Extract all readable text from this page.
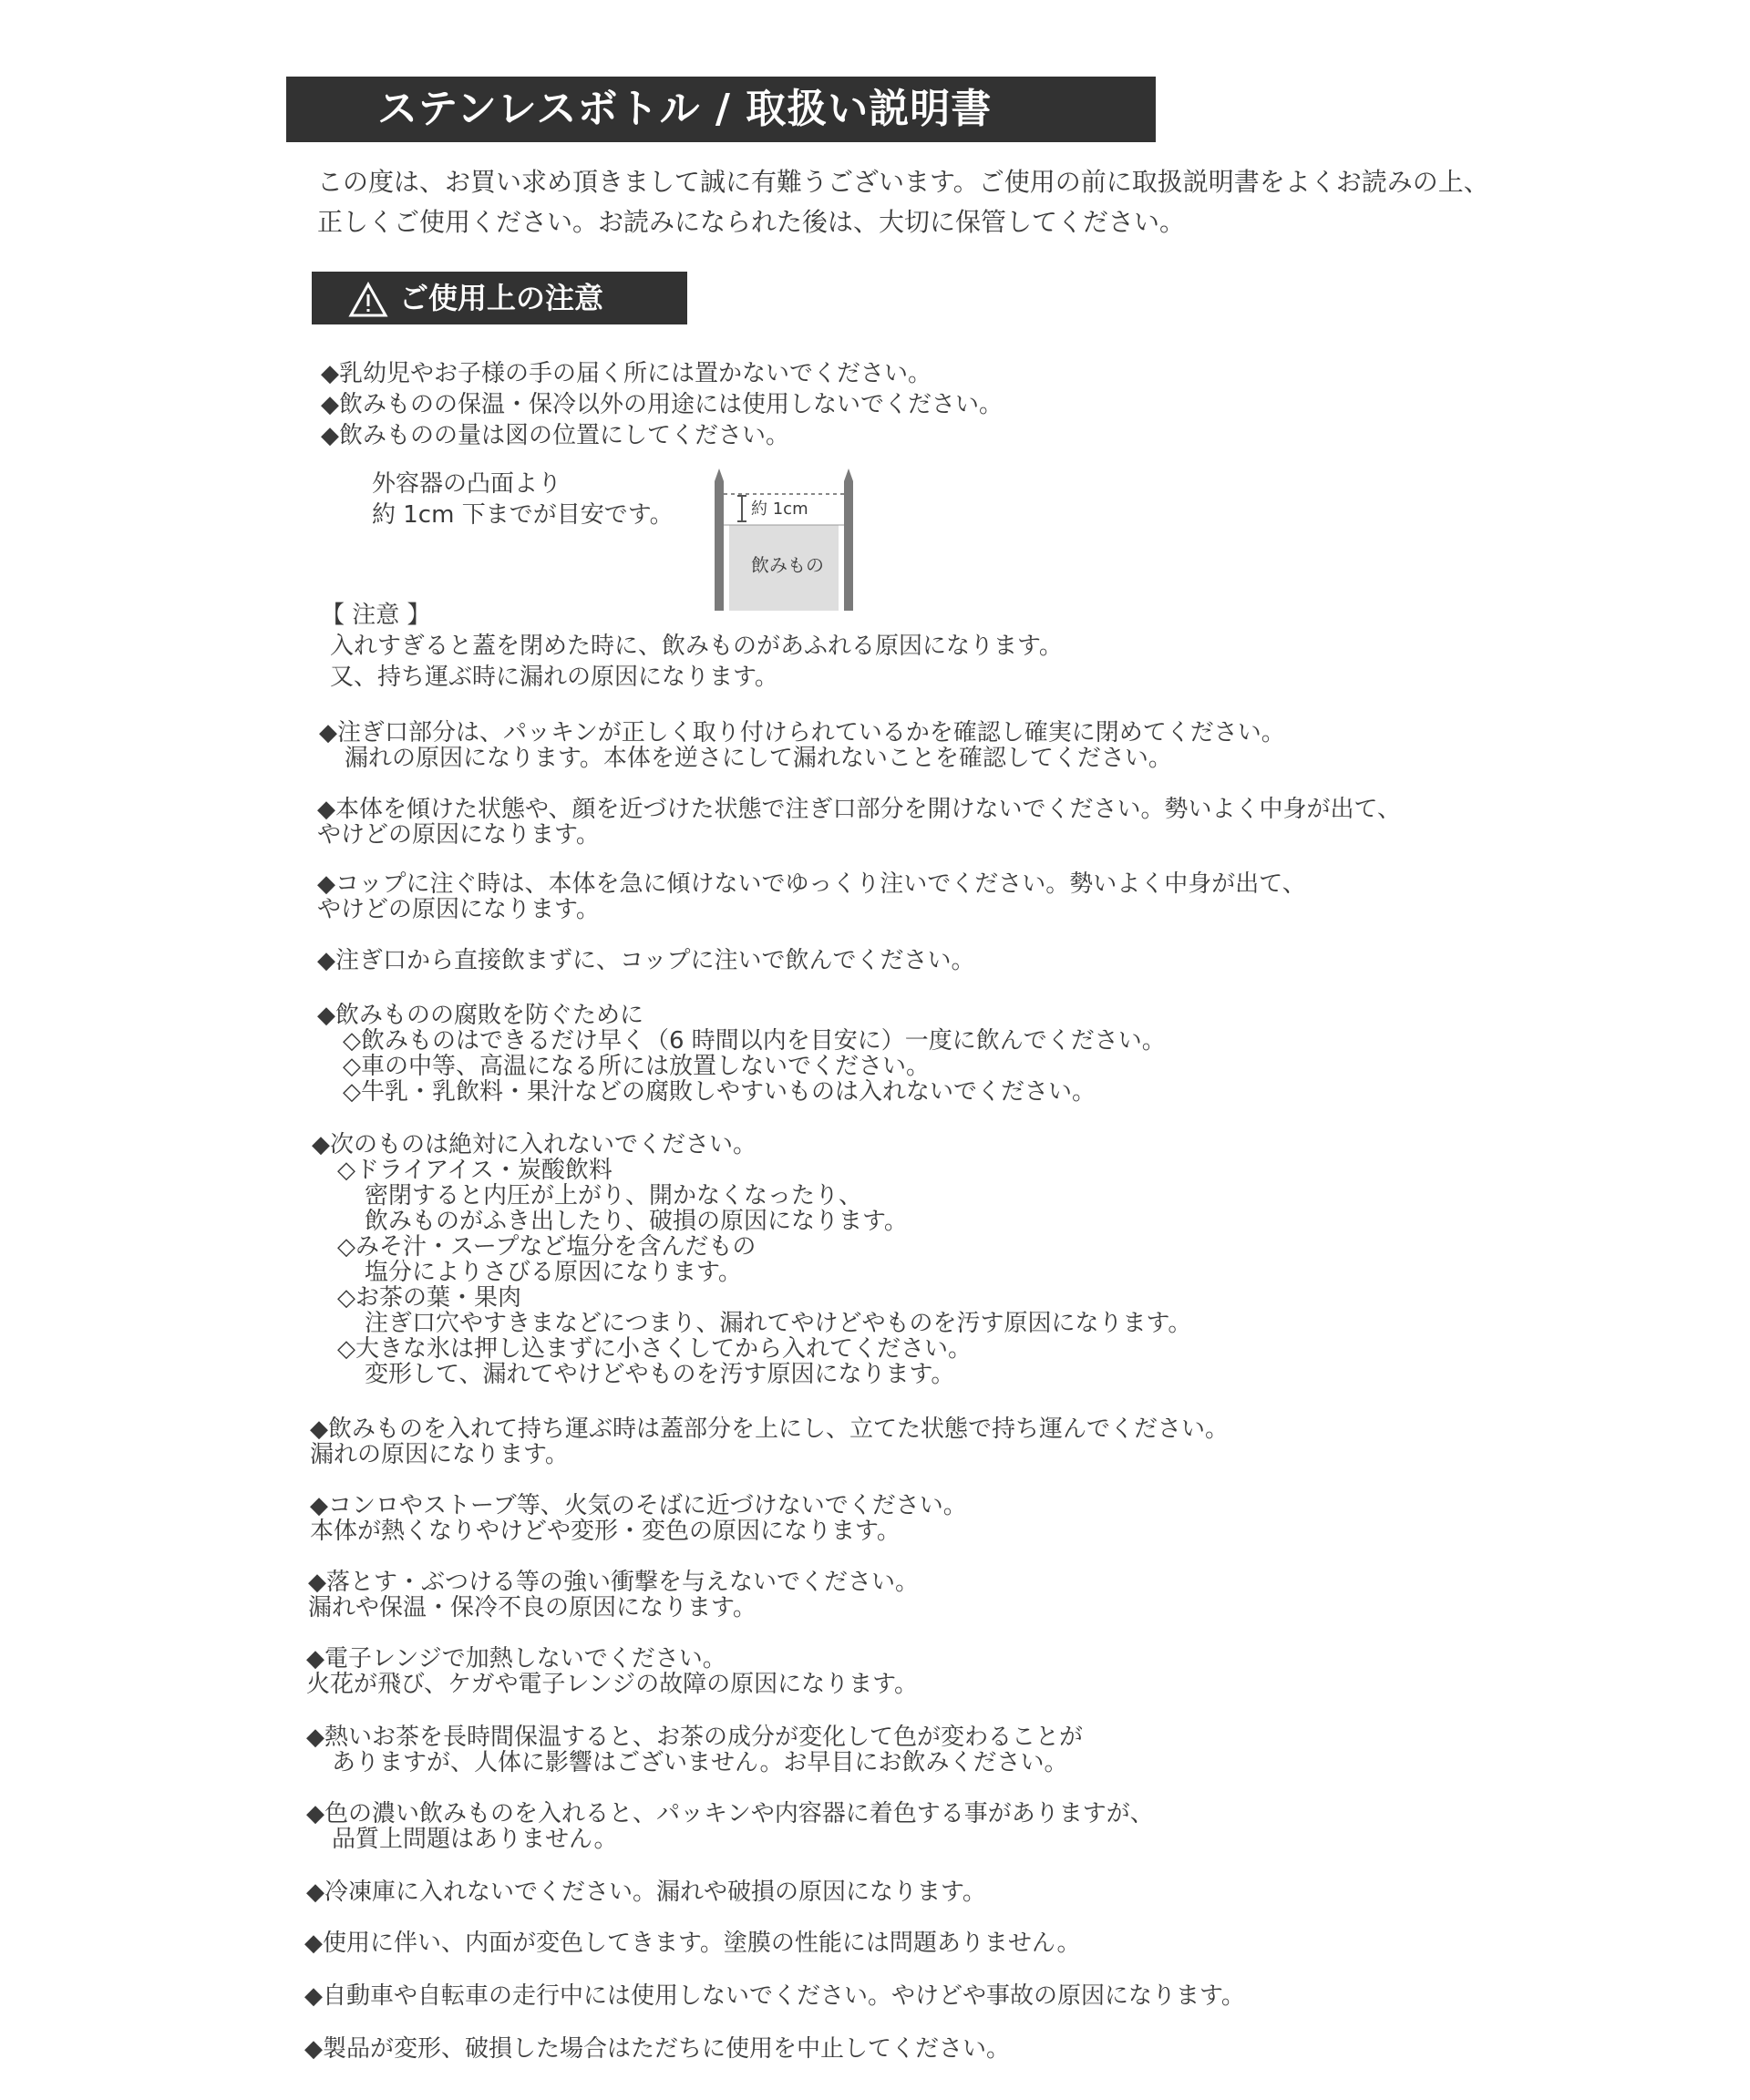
ステンレスボトル / 取扱い説明書
この度は、お買い求め頂きまして誠に有難うございます。ご使用の前に取扱説明書をよくお読みの上、
正しくご使用ください。お読みになられた後は、大切に保管してください。
ご使用上の注意
◆乳幼児やお子様の手の届く所には置かないでください。
◆飲みものの保温・保冷以外の用途には使用しないでください。
◆飲みものの量は図の位置にしてください。
外容器の凸面より
約 1cm 下までが目安です。	約 1cm
飲みもの
【 注意 】
入れすぎると蓋を閉めた時に、飲みものがあふれる原因になります。
又、持ち運ぶ時に漏れの原因になります。
◆注ぎ口部分は、パッキンが正しく取り付けられているかを確認し確実に閉めてください。
漏れの原因になります。本体を逆さにして漏れないことを確認してください。
◆本体を傾けた状態や、顔を近づけた状態で注ぎ口部分を開けないでください。勢いよく中身が出て、
やけどの原因になります。
◆コップに注ぐ時は、本体を急に傾けないでゆっくり注いでください。勢いよく中身が出て、
やけどの原因になります。
◆注ぎ口から直接飲まずに、コップに注いで飲んでください。
◆飲みものの腐敗を防ぐために
◇飲みものはできるだけ早く（6 時間以内を目安に）一度に飲んでください。
◇車の中等、高温になる所には放置しないでください。
◇牛乳・乳飲料・果汁などの腐敗しやすいものは入れないでください。
◆次のものは絶対に入れないでください。
◇ドライアイス・炭酸飲料
密閉すると内圧が上がり、開かなくなったり、
飲みものがふき出したり、破損の原因になります。
◇みそ汁・スープなど塩分を含んだもの
塩分によりさびる原因になります。
◇お茶の葉・果肉
注ぎ口穴やすきまなどにつまり、漏れてやけどやものを汚す原因になります。
◇大きな氷は押し込まずに小さくしてから入れてください。
変形して、漏れてやけどやものを汚す原因になります。
◆飲みものを入れて持ち運ぶ時は蓋部分を上にし、立てた状態で持ち運んでください。
漏れの原因になります。
◆コンロやストーブ等、火気のそばに近づけないでください。
本体が熱くなりやけどや変形・変色の原因になります。
◆落とす・ぶつける等の強い衝撃を与えないでください。
漏れや保温・保冷不良の原因になります。
◆電子レンジで加熱しないでください。
火花が飛び、ケガや電子レンジの故障の原因になります。
◆熱いお茶を長時間保温すると、お茶の成分が変化して色が変わることが
ありますが、人体に影響はございません。お早目にお飲みください。
◆色の濃い飲みものを入れると、パッキンや内容器に着色する事がありますが、
品質上問題はありません。
◆冷凍庫に入れないでください。漏れや破損の原因になります。
◆使用に伴い、内面が変色してきます。塗膜の性能には問題ありません。
◆自動車や自転車の走行中には使用しないでください。やけどや事故の原因になります。
◆製品が変形、破損した場合はただちに使用を中止してください。
